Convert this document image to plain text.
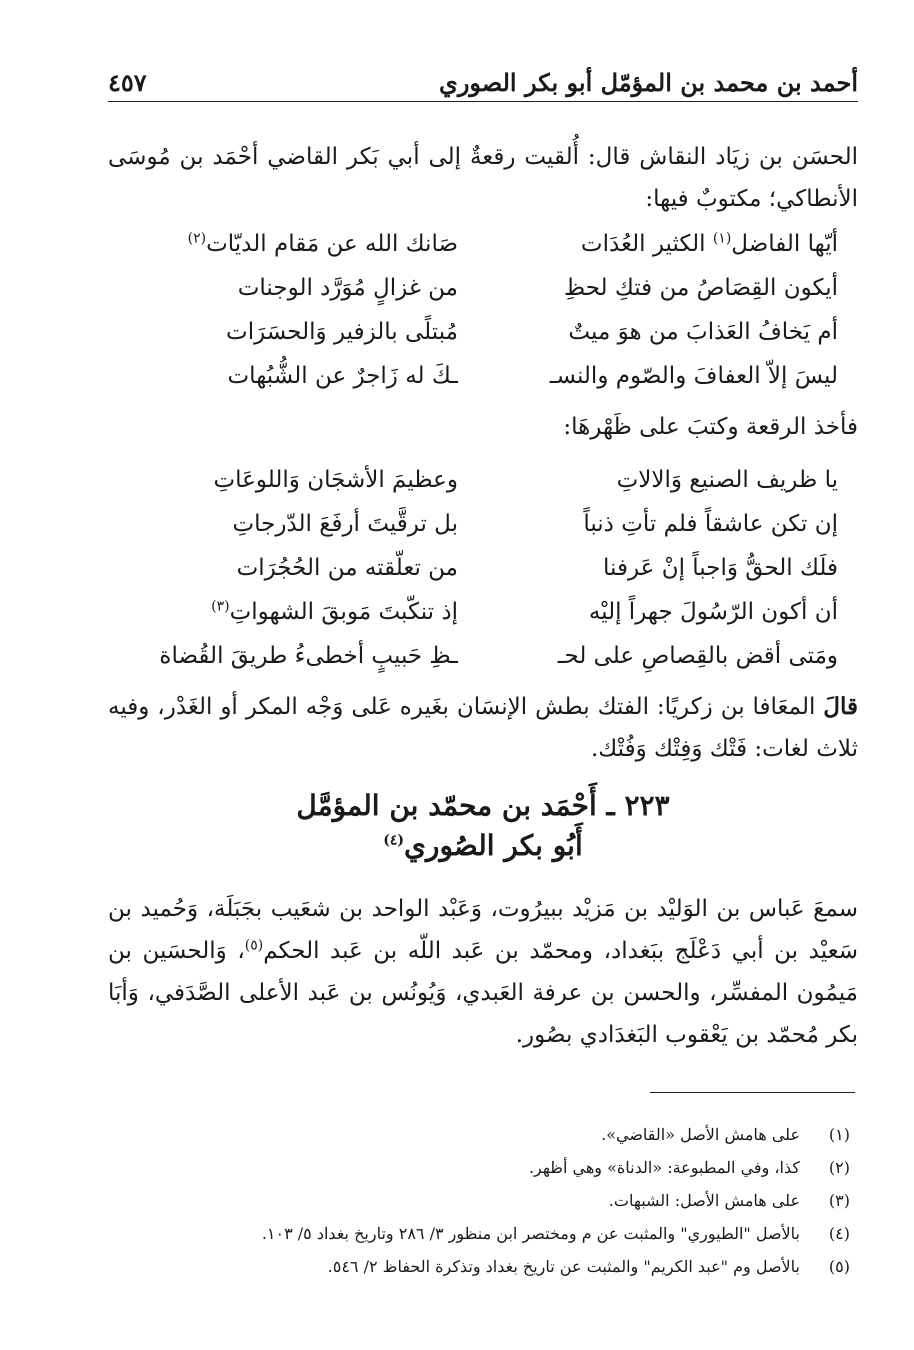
أحمد بن محمد بن المؤمّل أبو بكر الصوري
٤٥٧

الحسَن بن زيَاد النقاش قال: أُلقيت رقعةٌ إلى أبي بَكر القاضي أحْمَد بن مُوسَى الأنطاكي؛ مكتوبٌ فيها:

أيّها الفاضل$^{(١)}$ الكثير العُدَات
صَانك الله عن مَقام الديّات$^{(٢)}$
أيكون القِصَاصُ من فتكِ لحظِ
من غزالٍ مُوَرَّد الوجنات
أم يَخافُ العَذابَ من هوَ ميتٌ
مُبتلًى بالزفير وَالحسَرَات
ليسَ إلاّ العفافَ والصّوم والنسـ
ـكَ له زَاجرٌ عن الشُّبُهات

فأخذ الرقعة وكتبَ على ظَهْرهَا:

يا ظريف الصنيع وَالالاتِ
وعظيمَ الأشجَان وَاللوعَاتِ
إن تكن عاشقاً فلم تأتِ ذنباً
بل ترقَّيتَ أرفَعَ الدّرجاتِ
فلَك الحقُّ وَاجباً إنْ عَرفنا
من تعلّقته من الحُجُرَات
أن أكون الرّسُولَ جهراً إليْه
إذ تنكّبتَ مَوبقَ الشهواتِ$^{(٣)}$
ومَتى أقض بالقِصاصِ على لحـ
ـظِ حَبيبٍ أخطىءُ طريقَ القُضاة

قالَ المعَافا بن زكريًا: الفتك بطش الإنسَان بغَيره عَلى وَجْه المكر أو الغَدْر، وفيه ثلاث لغات: فَتْك وَفِتْك وَفُتْك.

٢٢٣ ـ أَحْمَد بن محمّد بن المؤمَّل
أَبُو بكر الصُوري$^{(٤)}$

سمعَ عَباس بن الوَليْد بن مَزيْد ببيرُوت، وَعَبْد الواحد بن شعَيب بجَبَلَة، وَحُميد بن سَعيْد بن أبي دَعْلَج ببَغداد، ومحمّد بن عَبد اللّه بن عَبد الحكم$^{(٥)}$، وَالحسَين بن مَيمُون المفسِّر، والحسن بن عرفة العَبدي، وَيُونُس بن عَبد الأعلى الصَّدَفي، وَأبَا بكر مُحمّد بن يَعْقوب البَغدَادي بصُور.

(١)
على هامش الأصل «القاضي».
(٢)
كذا، وفي المطبوعة: «الدناة» وهي أظهر.
(٣)
على هامش الأصل: الشبهات.
(٤)
بالأصل "الطيوري" والمثبت عن م ومختصر ابن منظور ٣/ ٢٨٦ وتاريخ بغداد ٥/ ١٠٣.
(٥)
بالأصل وم "عبد الكريم" والمثبت عن تاريخ بغداد وتذكرة الحفاظ ٢/ ٥٤٦.
